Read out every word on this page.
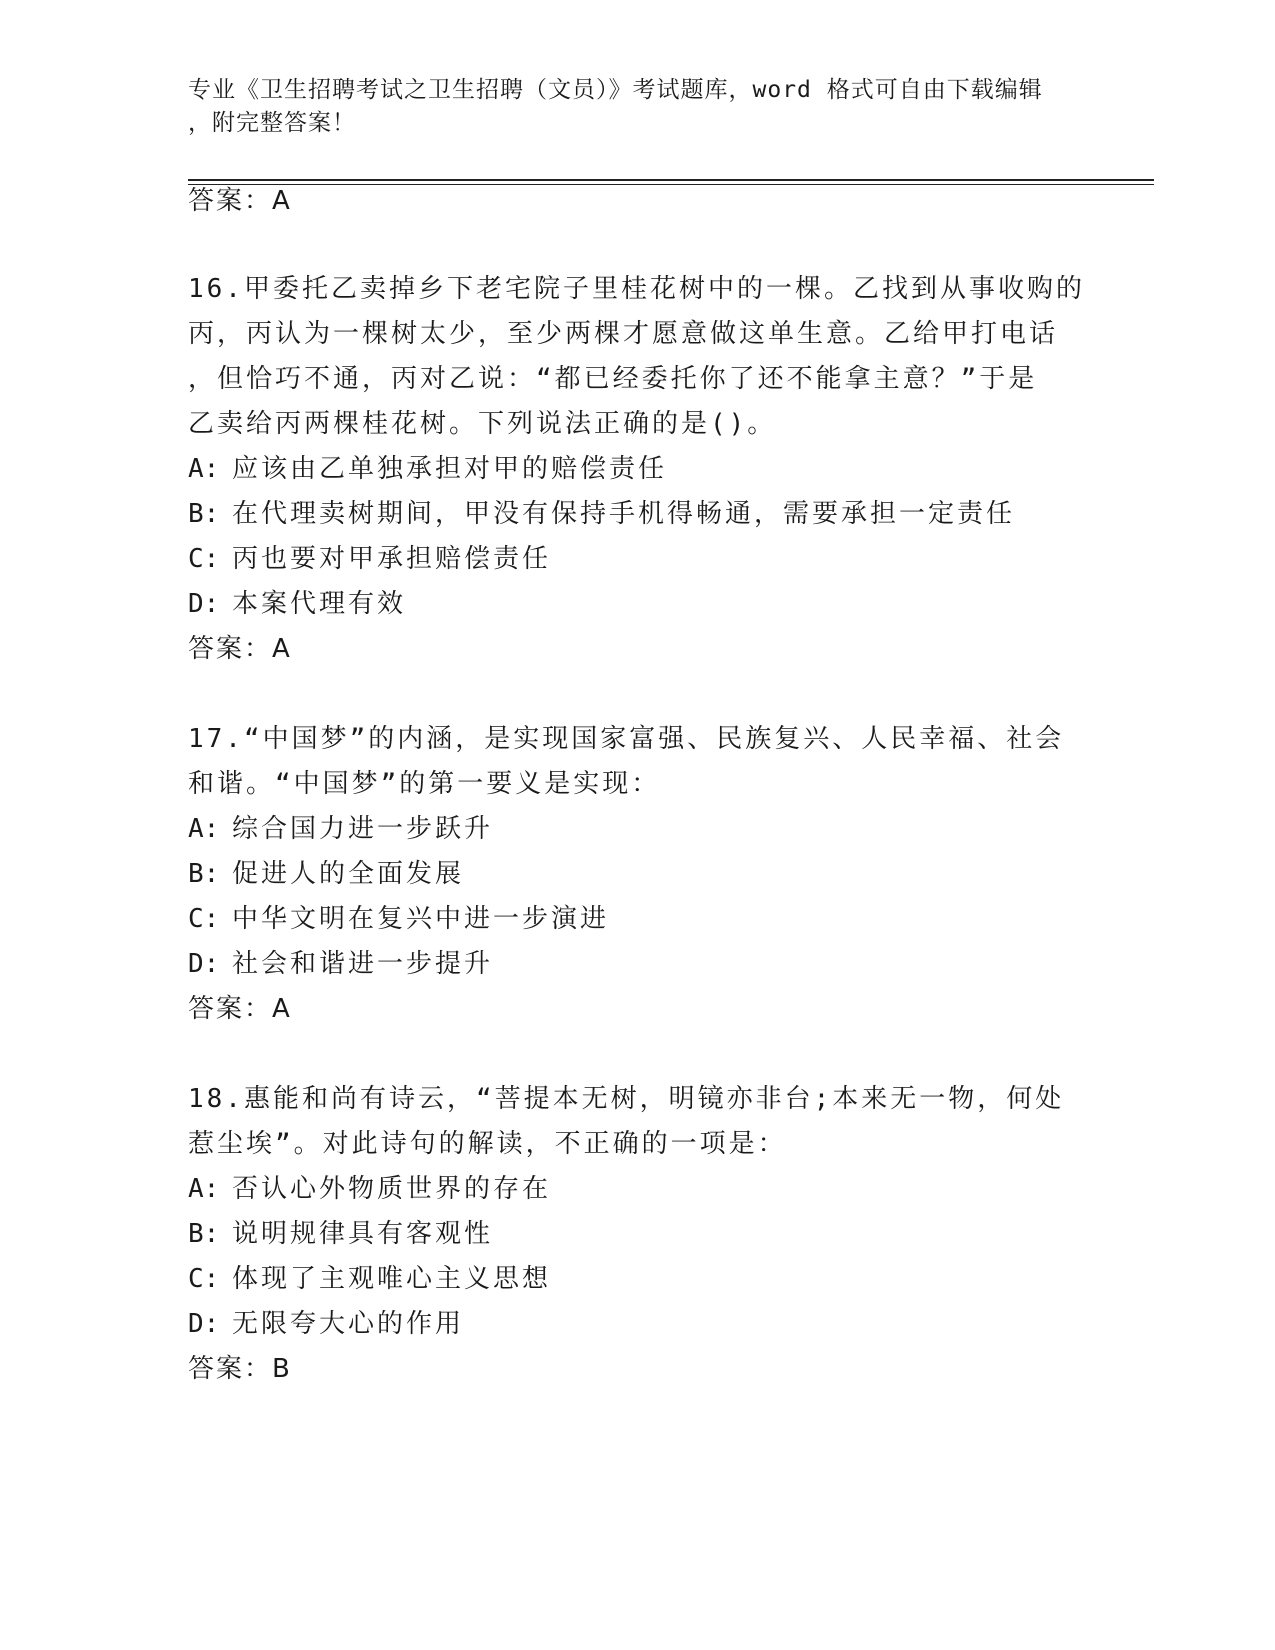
专业《卫生招聘考试之卫生招聘（文员）》考试题库，word 格式可自由下载编辑
，附完整答案！
答案：A
16.甲委托乙卖掉乡下老宅院子里桂花树中的一棵。乙找到从事收购的
丙，丙认为一棵树太少，至少两棵才愿意做这单生意。乙给甲打电话
，但恰巧不通，丙对乙说：“都已经委托你了还不能拿主意？”于是
乙卖给丙两棵桂花树。下列说法正确的是()。
A: 应该由乙单独承担对甲的赔偿责任
B: 在代理卖树期间，甲没有保持手机得畅通，需要承担一定责任
C: 丙也要对甲承担赔偿责任
D: 本案代理有效
答案：A
17.“中国梦”的内涵，是实现国家富强、民族复兴、人民幸福、社会
和谐。“中国梦”的第一要义是实现：
A: 综合国力进一步跃升
B: 促进人的全面发展
C: 中华文明在复兴中进一步演进
D: 社会和谐进一步提升
答案：A
18.惠能和尚有诗云，“菩提本无树，明镜亦非台;本来无一物，何处
惹尘埃”。对此诗句的解读，不正确的一项是：
A: 否认心外物质世界的存在
B: 说明规律具有客观性
C: 体现了主观唯心主义思想
D: 无限夸大心的作用
答案：B
